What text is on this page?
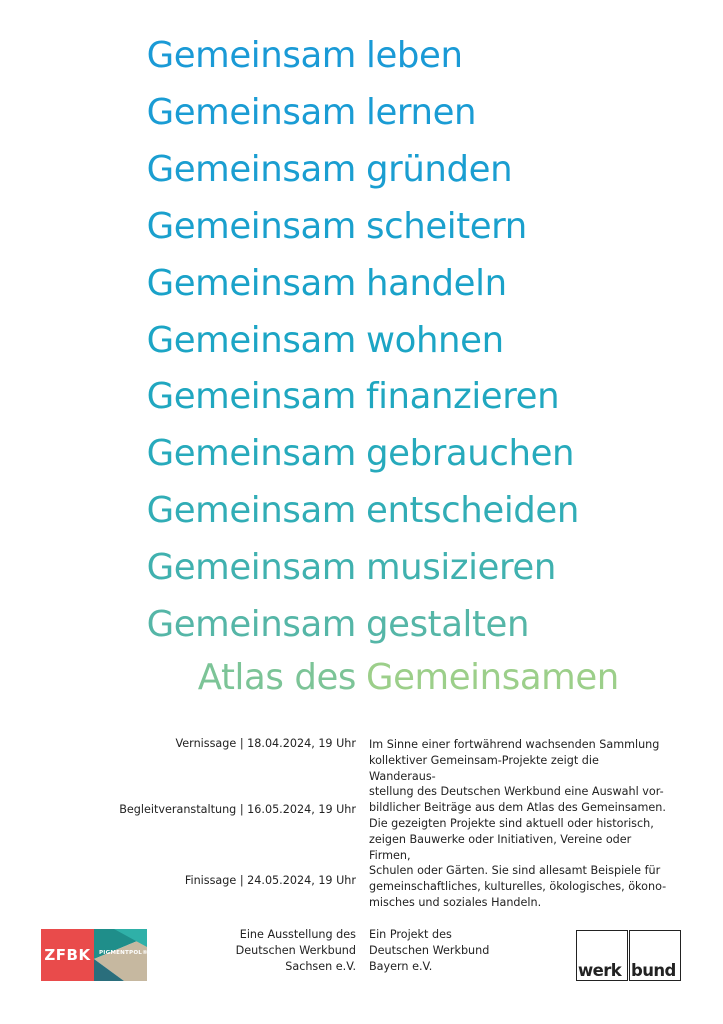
Gemeinsam leben
Gemeinsam lernen
Gemeinsam gründen
Gemeinsam scheitern
Gemeinsam handeln
Gemeinsam wohnen
Gemeinsam finanzieren
Gemeinsam gebrauchen
Gemeinsam entscheiden
Gemeinsam musizieren
Gemeinsam gestalten
Atlas des Gemeinsamen
Vernissage | 18.04.2024, 19 Uhr
Begleitveranstaltung | 16.05.2024, 19 Uhr
Finissage | 24.05.2024, 19 Uhr

Im Sinne einer fortwährend wachsenden Sammlung

kollektiver Gemeinsam-Projekte zeigt die Wanderaus-

stellung des Deutschen Werkbund eine Auswahl vor-

bildlicher Beiträge aus dem Atlas des Gemeinsamen.

Die gezeigten Projekte sind aktuell oder historisch,

zeigen Bauwerke oder Initiativen, Vereine oder Firmen,

Schulen oder Gärten. Sie sind allesamt Beispiele für

gemeinschaftliches, kulturelles, ökologisches, ökono-

misches und soziales Handeln.

ZFBK	PIGMENTPOL®
Eine Ausstellung des
Deutschen Werkbund
Sachsen e.V.
Ein Projekt des
Deutschen Werkbund
Bayern e.V.	werk bund
